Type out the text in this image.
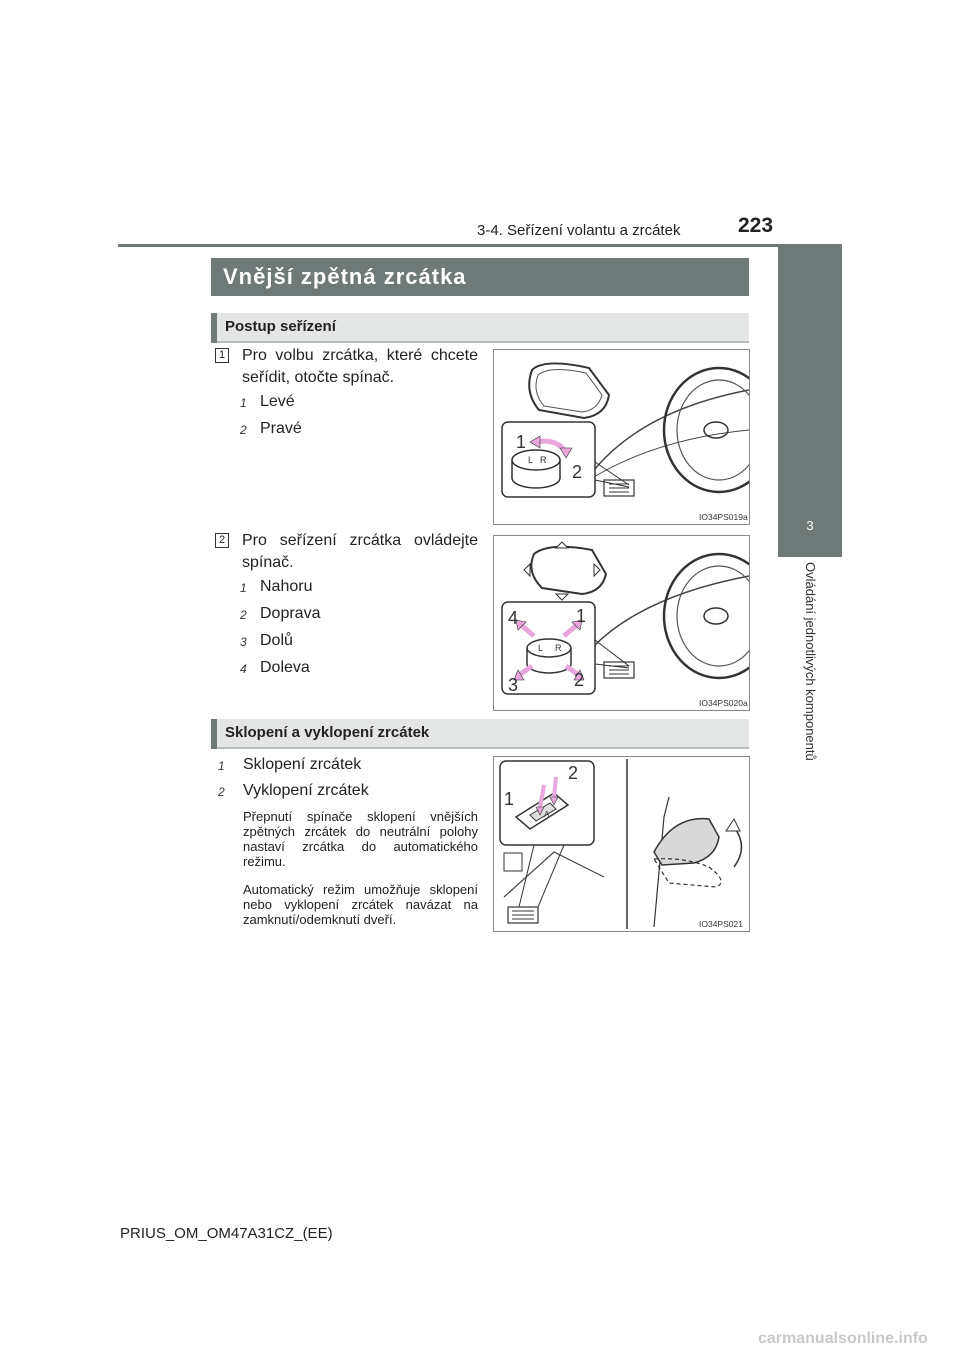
3-4. Seřízení volantu a zrcátek	223
3
Ovládání jednotlivých komponentů
Vnější zpětná zrcátka
Postup seřízení
1 Pro volbu zrcátka, které chcete seřídit, otočte spínač.
1 Levé
2 Pravé
L R
1
2
IO34PS019a
2 Pro seřízení zrcátka ovládejte spínač.
1 Nahoru
2 Doprava
3 Dolů
4 Doleva
L R
1
2
3
4
IO34PS020a
Sklopení a vyklopení zrcátek
1 Sklopení zrcátek
2 Vyklopení zrcátek
Přepnutí spínače sklopení vnějších zpětných zrcátek do neutrální polohy nastaví zrcátka do automatického režimu.
Automatický režim umožňuje sklopení nebo vyklopení zrcátek navázat na zamknutí/odemknutí dveří.
A
1
2
IO34PS021
PRIUS_OM_OM47A31CZ_(EE)
carmanualsonline.info
